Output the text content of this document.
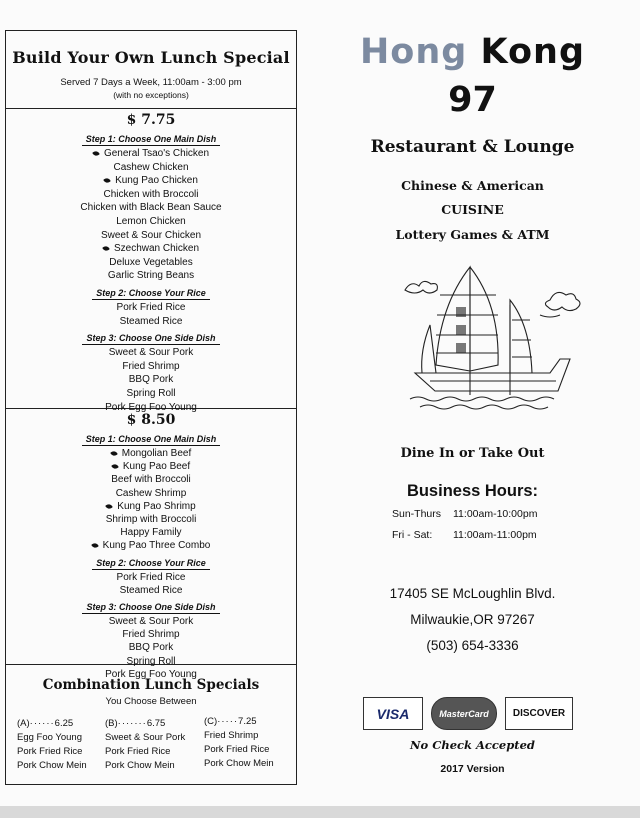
Build Your Own Lunch Special
Served 7 Days a Week, 11:00am - 3:00 pm
(with no exceptions)
$ 7.75
Step 1: Choose One Main Dish
General Tsao's Chicken
Cashew Chicken
Kung Pao Chicken
Chicken with Broccoli
Chicken with Black Bean Sauce
Lemon Chicken
Sweet & Sour Chicken
Szechwan Chicken
Deluxe Vegetables
Garlic String Beans
Step 2: Choose Your Rice
Pork Fried Rice
Steamed Rice
Step 3: Choose One Side Dish
Sweet & Sour Pork
Fried Shrimp
BBQ Pork
Spring Roll
Pork Egg Foo Young
$ 8.50
Step 1: Choose One Main Dish
Mongolian Beef
Kung Pao Beef
Beef with Broccoli
Cashew Shrimp
Kung Pao Shrimp
Shrimp with Broccoli
Happy Family
Kung Pao Three Combo
Step 2: Choose Your Rice
Pork Fried Rice
Steamed Rice
Step 3: Choose One Side Dish
Sweet & Sour Pork
Fried Shrimp
BBQ Pork
Spring Roll
Pork Egg Foo Young
Combination Lunch Specials
You Choose Between
(A)······6.25
Egg Foo Young
Pork Fried Rice
Pork Chow Mein
(B)·······6.75
Sweet & Sour Pork
Pork Fried Rice
Pork Chow Mein
(C)·····7.25
Fried Shrimp
Pork Fried Rice
Pork Chow Mein
Hong Kong
97
Restaurant & Lounge
Chinese & American
CUISINE
Lottery Games & ATM
Dine In or Take Out
Business Hours:
Sun-Thurs 11:00am-10:00pm
Fri - Sat: 11:00am-11:00pm
17405 SE McLoughlin Blvd.
Milwaukie,OR 97267
(503) 654-3336
VISA	MasterCard DISCOVER
No Check Accepted
2017 Version
